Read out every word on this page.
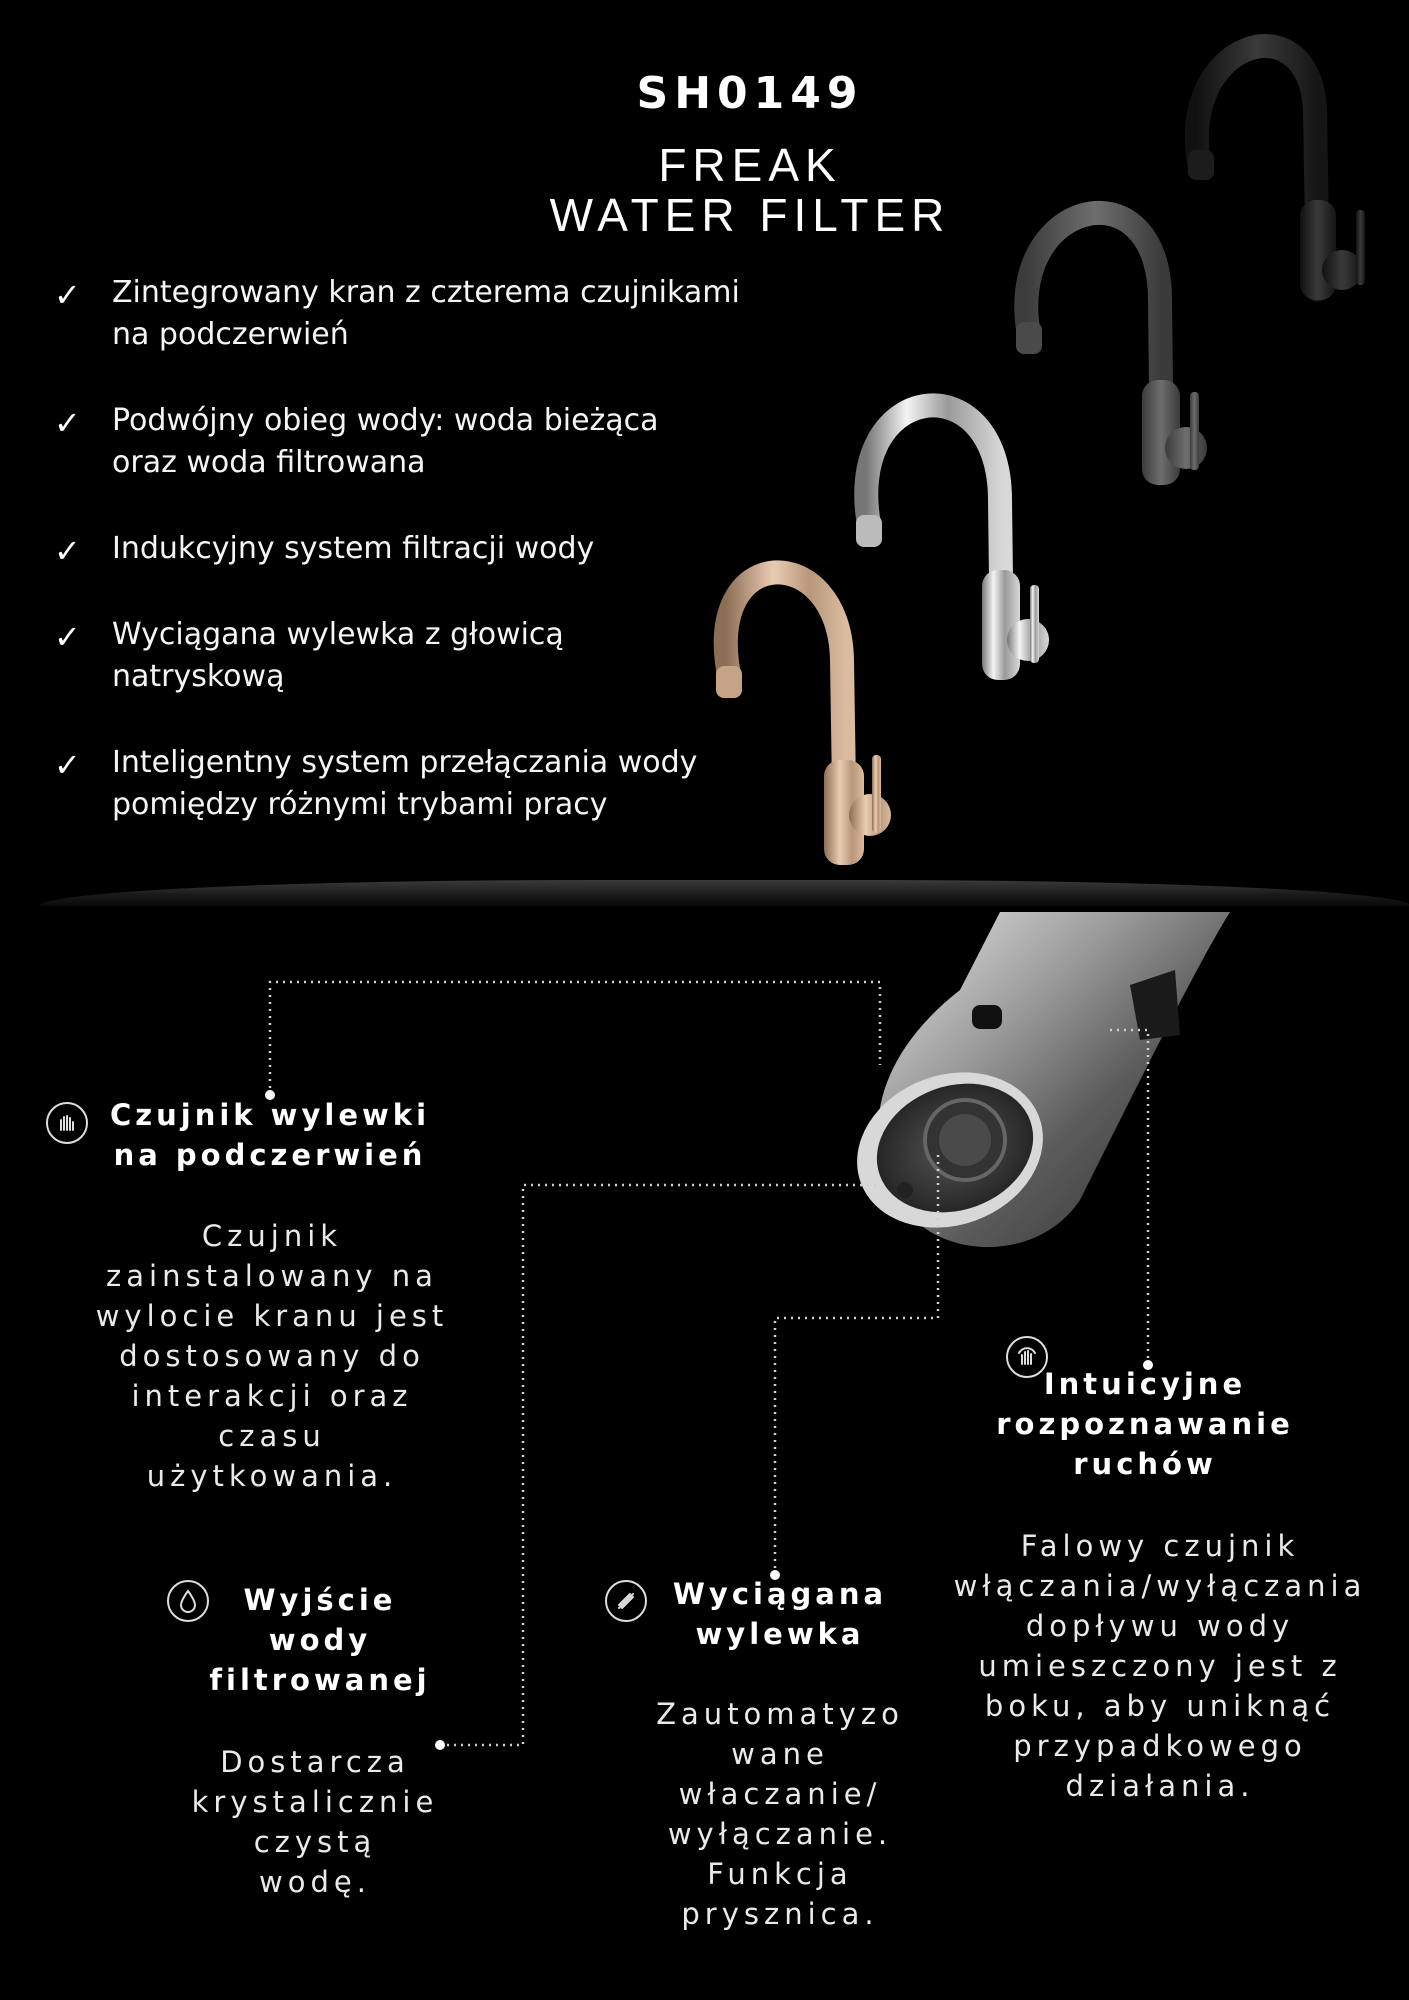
SH0149
FREAK
WATER FILTER
✓ Zintegrowany kran z czterema czujnikami
na podczerwień
✓ Podwójny obieg wody: woda bieżąca
oraz woda filtrowana
✓ Indukcyjny system filtracji wody
✓ Wyciągana wylewka z głowicą
natryskową
✓ Inteligentny system przełączania wody
pomiędzy różnymi trybami pracy
Czujnik wylewki
na podczerwień
Czujnik
zainstalowany na
wylocie kranu jest
dostosowany do
interakcji oraz
czasu
użytkowania.
Wyjście
wody
filtrowanej
Dostarcza
krystalicznie
czystą
wodę.
Wyciągana
wylewka
Zautomatyzo
wane
właczanie/
wyłączanie.
Funkcja
prysznica.
Intuicyjne
rozpoznawanie
ruchów
Falowy czujnik
włączania/wyłączania
dopływu wody
umieszczony jest z
boku, aby uniknąć
przypadkowego
działania.
